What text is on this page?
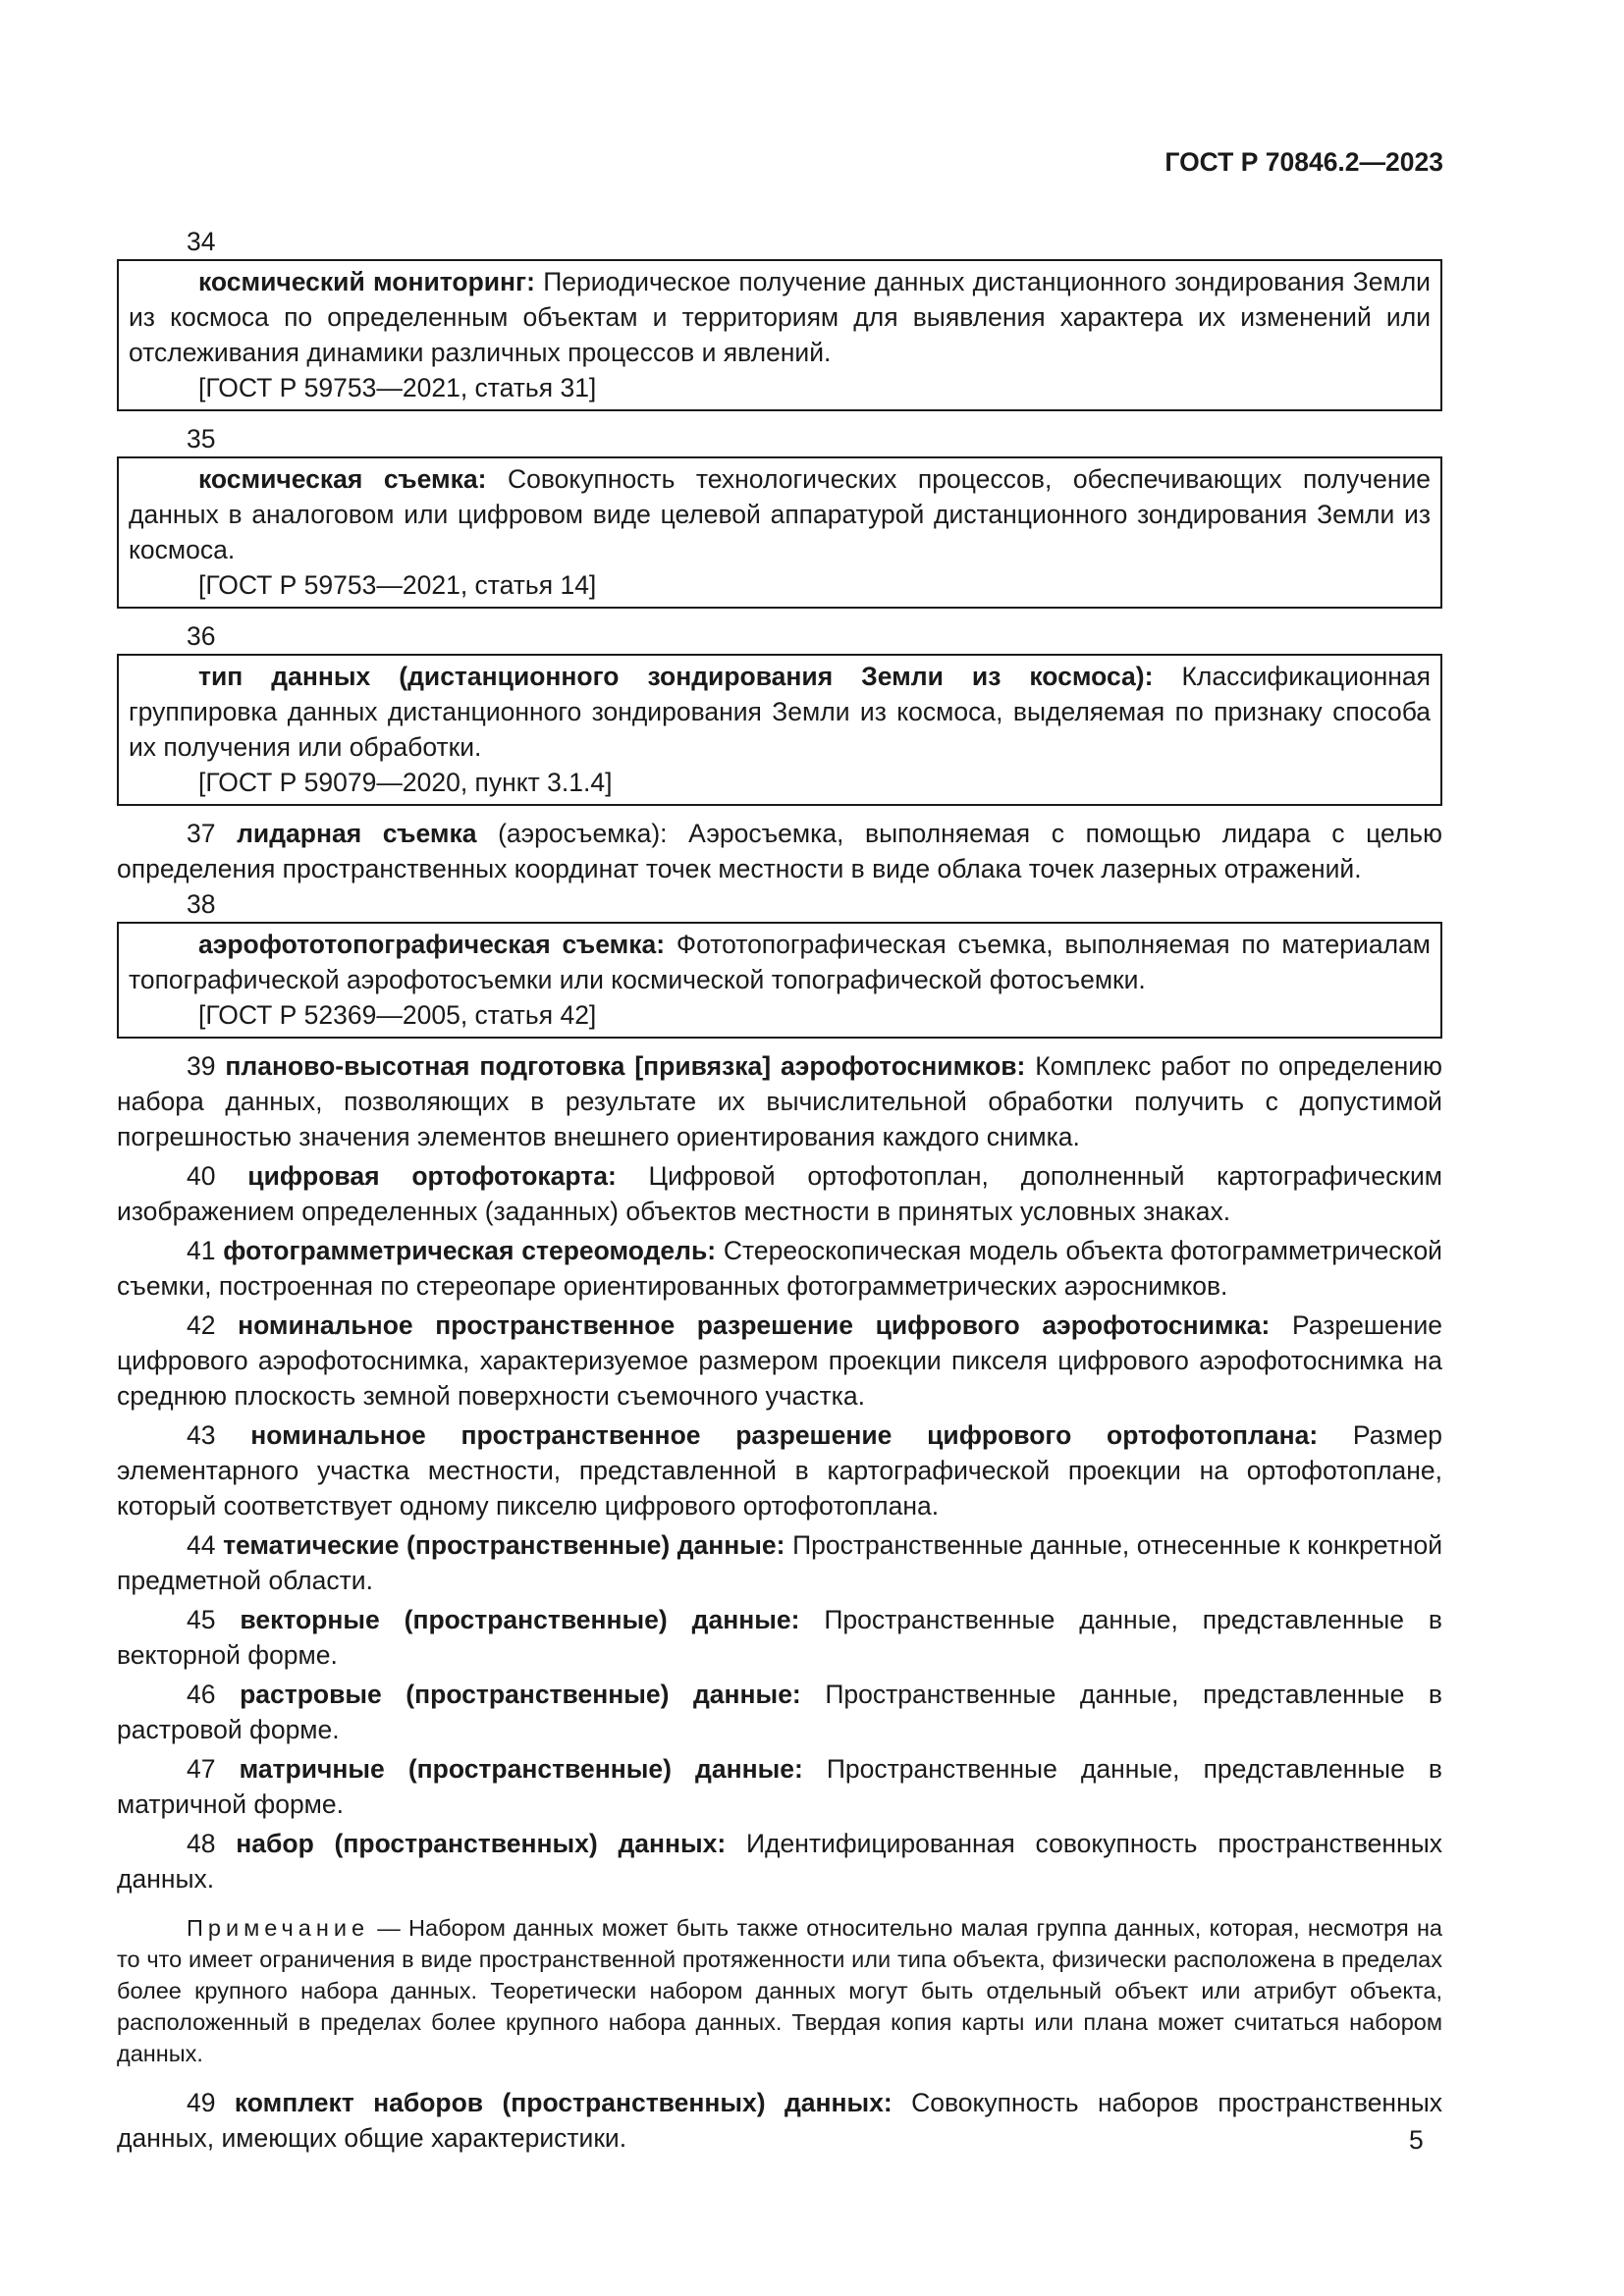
ГОСТ Р 70846.2—2023
34

космический мониторинг: Периодическое получение данных дистанционного зондирования Земли из космоса по определенным объектам и территориям для выявления характера их изменений или отслеживания динамики различных процессов и явлений.

[ГОСТ Р 59753—2021, статья 31]

35

космическая съемка: Совокупность технологических процессов, обеспечивающих получение данных в аналоговом или цифровом виде целевой аппаратурой дистанционного зондирования Земли из космоса.

[ГОСТ Р 59753—2021, статья 14]

36

тип данных (дистанционного зондирования Земли из космоса): Классификационная группировка данных дистанционного зондирования Земли из космоса, выделяемая по признаку способа их получения или обработки.

[ГОСТ Р 59079—2020, пункт 3.1.4]

37 лидарная съемка (аэросъемка): Аэросъемка, выполняемая с помощью лидара с целью определения пространственных координат точек местности в виде облака точек лазерных отражений.

38

аэрофототопографическая съемка: Фототопографическая съемка, выполняемая по материалам топографической аэрофотосъемки или космической топографической фотосъемки.

[ГОСТ Р 52369—2005, статья 42]

39 планово-высотная подготовка [привязка] аэрофотоснимков: Комплекс работ по определению набора данных, позволяющих в результате их вычислительной обработки получить с допустимой погрешностью значения элементов внешнего ориентирования каждого снимка.

40 цифровая ортофотокарта: Цифровой ортофотоплан, дополненный картографическим изображением определенных (заданных) объектов местности в принятых условных знаках.

41 фотограмметрическая стереомодель: Стереоскопическая модель объекта фотограмметрической съемки, построенная по стереопаре ориентированных фотограмметрических аэроснимков.

42 номинальное пространственное разрешение цифрового аэрофотоснимка: Разрешение цифрового аэрофотоснимка, характеризуемое размером проекции пикселя цифрового аэрофотоснимка на среднюю плоскость земной поверхности съемочного участка.

43 номинальное пространственное разрешение цифрового ортофотоплана: Размер элементарного участка местности, представленной в картографической проекции на ортофотоплане, который соответствует одному пикселю цифрового ортофотоплана.

44 тематические (пространственные) данные: Пространственные данные, отнесенные к конкретной предметной области.

45 векторные (пространственные) данные: Пространственные данные, представленные в векторной форме.

46 растровые (пространственные) данные: Пространственные данные, представленные в растровой форме.

47 матричные (пространственные) данные: Пространственные данные, представленные в матричной форме.

48 набор (пространственных) данных: Идентифицированная совокупность пространственных данных.

Примечание — Набором данных может быть также относительно малая группа данных, которая, несмотря на то что имеет ограничения в виде пространственной протяженности или типа объекта, физически расположена в пределах более крупного набора данных. Теоретически набором данных могут быть отдельный объект или атрибут объекта, расположенный в пределах более крупного набора данных. Твердая копия карты или плана может считаться набором данных.

49 комплект наборов (пространственных) данных: Совокупность наборов пространственных данных, имеющих общие характеристики.	5
